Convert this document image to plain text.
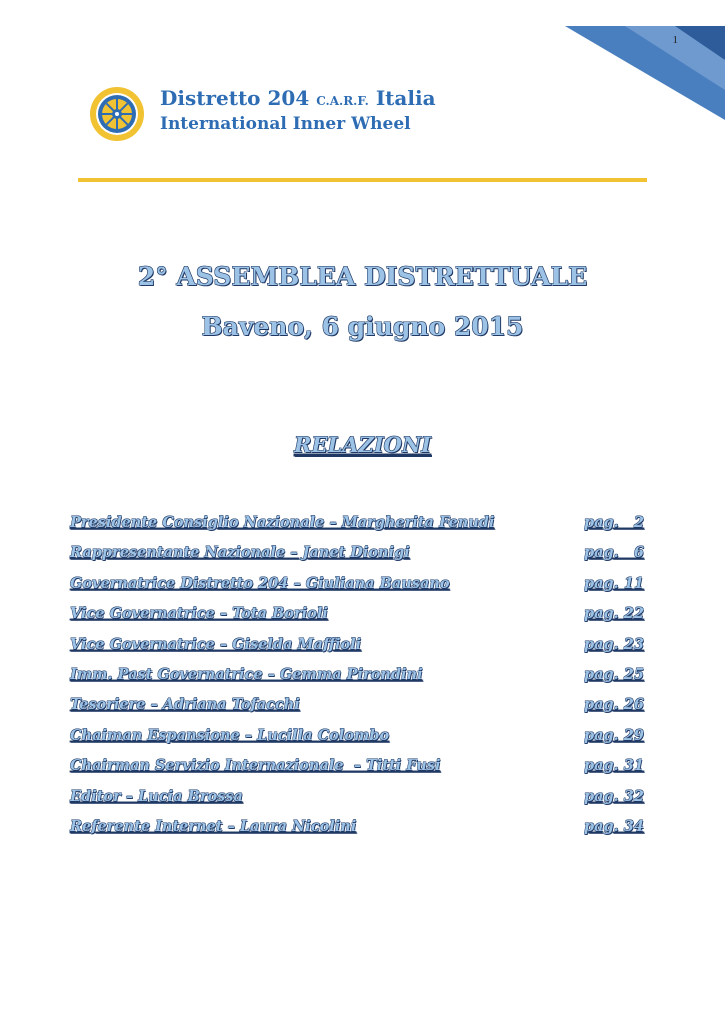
1
Distretto 204 C.A.R.F. Italia
International Inner Wheel
2° ASSEMBLEA DISTRETTUALE
Baveno, 6 giugno 2015
RELAZIONI
Presidente Consiglio Nazionale – Margherita Fenudi	pag.   2
Rappresentante Nazionale – Janet Dionigi	pag.   6
Governatrice Distretto 204 – Giuliana Bausano	pag. 11
Vice Governatrice – Tota Borioli	pag. 22
Vice Governatrice – Giselda Maffioli	pag. 23
Imm. Past Governatrice – Gemma Pirondini	pag. 25
Tesoriere – Adriana Tofacchi	pag. 26
Chaiman Espansione – Lucilla Colombo	pag. 29
Chairman Servizio Internazionale  – Titti Fusi	pag. 31
Editor – Lucia Brossa	pag. 32
Referente Internet – Laura Nicolini	pag. 34
